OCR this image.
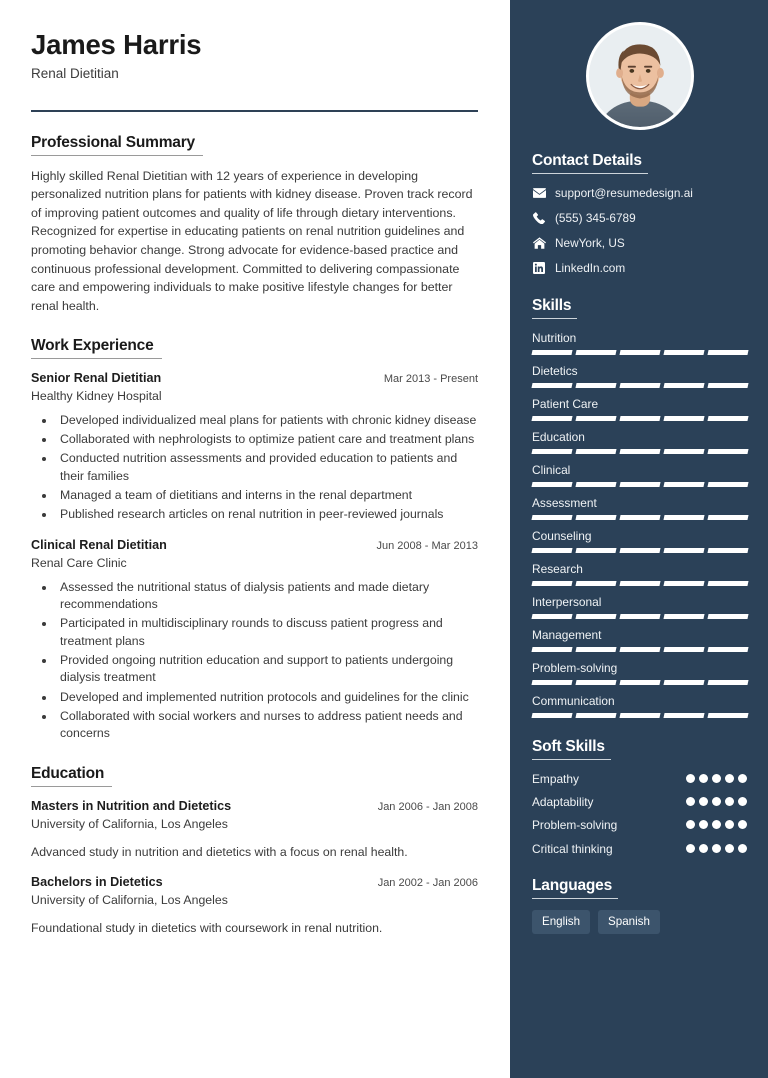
James Harris

Renal Dietitian

Professional Summary

Highly skilled Renal Dietitian with 12 years of experience in developing personalized nutrition plans for patients with kidney disease. Proven track record of improving patient outcomes and quality of life through dietary interventions. Recognized for expertise in educating patients on renal nutrition guidelines and promoting behavior change. Strong advocate for evidence-based practice and continuous professional development. Committed to delivering compassionate care and empowering individuals to make positive lifestyle changes for better renal health.

Work Experience
Senior Renal Dietitian	Mar 2013 - Present
Healthy Kidney Hospital
• Developed individualized meal plans for patients with chronic kidney disease
• Collaborated with nephrologists to optimize patient care and treatment plans
• Conducted nutrition assessments and provided education to patients and their families
• Managed a team of dietitians and interns in the renal department
• Published research articles on renal nutrition in peer-reviewed journals
Clinical Renal Dietitian	Jun 2008 - Mar 2013
Renal Care Clinic
• Assessed the nutritional status of dialysis patients and made dietary recommendations
• Participated in multidisciplinary rounds to discuss patient progress and treatment plans
• Provided ongoing nutrition education and support to patients undergoing dialysis treatment
• Developed and implemented nutrition protocols and guidelines for the clinic
• Collaborated with social workers and nurses to address patient needs and concerns
Education
Masters in Nutrition and Dietetics	Jan 2006 - Jan 2008
University of California, Los Angeles
Advanced study in nutrition and dietetics with a focus on renal health.
Bachelors in Dietetics	Jan 2002 - Jan 2006
University of California, Los Angeles
Foundational study in dietetics with coursework in renal nutrition.
Contact Details
support@resumedesign.ai
(555) 345-6789
NewYork, US
LinkedIn.com
Skills
Nutrition
Dietetics
Patient Care
Education
Clinical
Assessment
Counseling
Research
Interpersonal
Management
Problem-solving
Communication
Soft Skills
Empathy
Adaptability
Problem-solving
Critical thinking
Languages
English	Spanish
